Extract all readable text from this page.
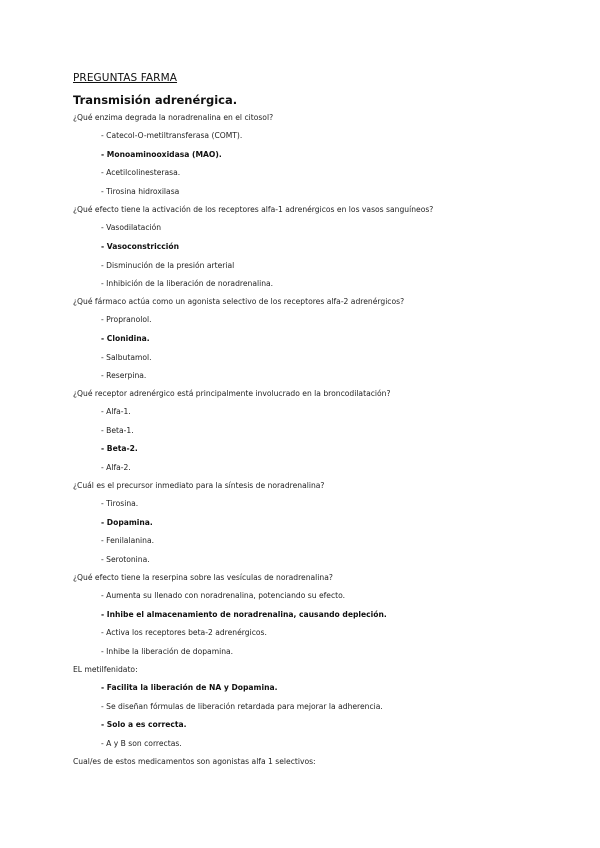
PREGUNTAS FARMA
Transmisión adrenérgica.
¿Qué enzima degrada la noradrenalina en el citosol?
- Catecol-O-metiltransferasa (COMT).
- Monoaminooxidasa (MAO).
- Acetilcolinesterasa.
- Tirosina hidroxilasa
¿Qué efecto tiene la activación de los receptores alfa-1 adrenérgicos en los vasos sanguíneos?
- Vasodilatación
- Vasoconstricción
- Disminución de la presión arterial
- Inhibición de la liberación de noradrenalina.
¿Qué fármaco actúa como un agonista selectivo de los receptores alfa-2 adrenérgicos?
- Propranolol.
- Clonidina.
- Salbutamol.
- Reserpina.
¿Qué receptor adrenérgico está principalmente involucrado en la broncodilatación?
- Alfa-1.
- Beta-1.
- Beta-2.
- Alfa-2.
¿Cuál es el precursor inmediato para la síntesis de noradrenalina?
- Tirosina.
- Dopamina.
- Fenilalanina.
- Serotonina.
¿Qué efecto tiene la reserpina sobre las vesículas de noradrenalina?
- Aumenta su llenado con noradrenalina, potenciando su efecto.
- Inhibe el almacenamiento de noradrenalina, causando depleción.
- Activa los receptores beta-2 adrenérgicos.
- Inhibe la liberación de dopamina.
EL metilfenidato:
- Facilita la liberación de NA y Dopamina.
- Se diseñan fórmulas de liberación retardada para mejorar la adherencia.
- Solo a es correcta.
- A y B son correctas.
Cual/es de estos medicamentos son agonistas alfa 1 selectivos:
